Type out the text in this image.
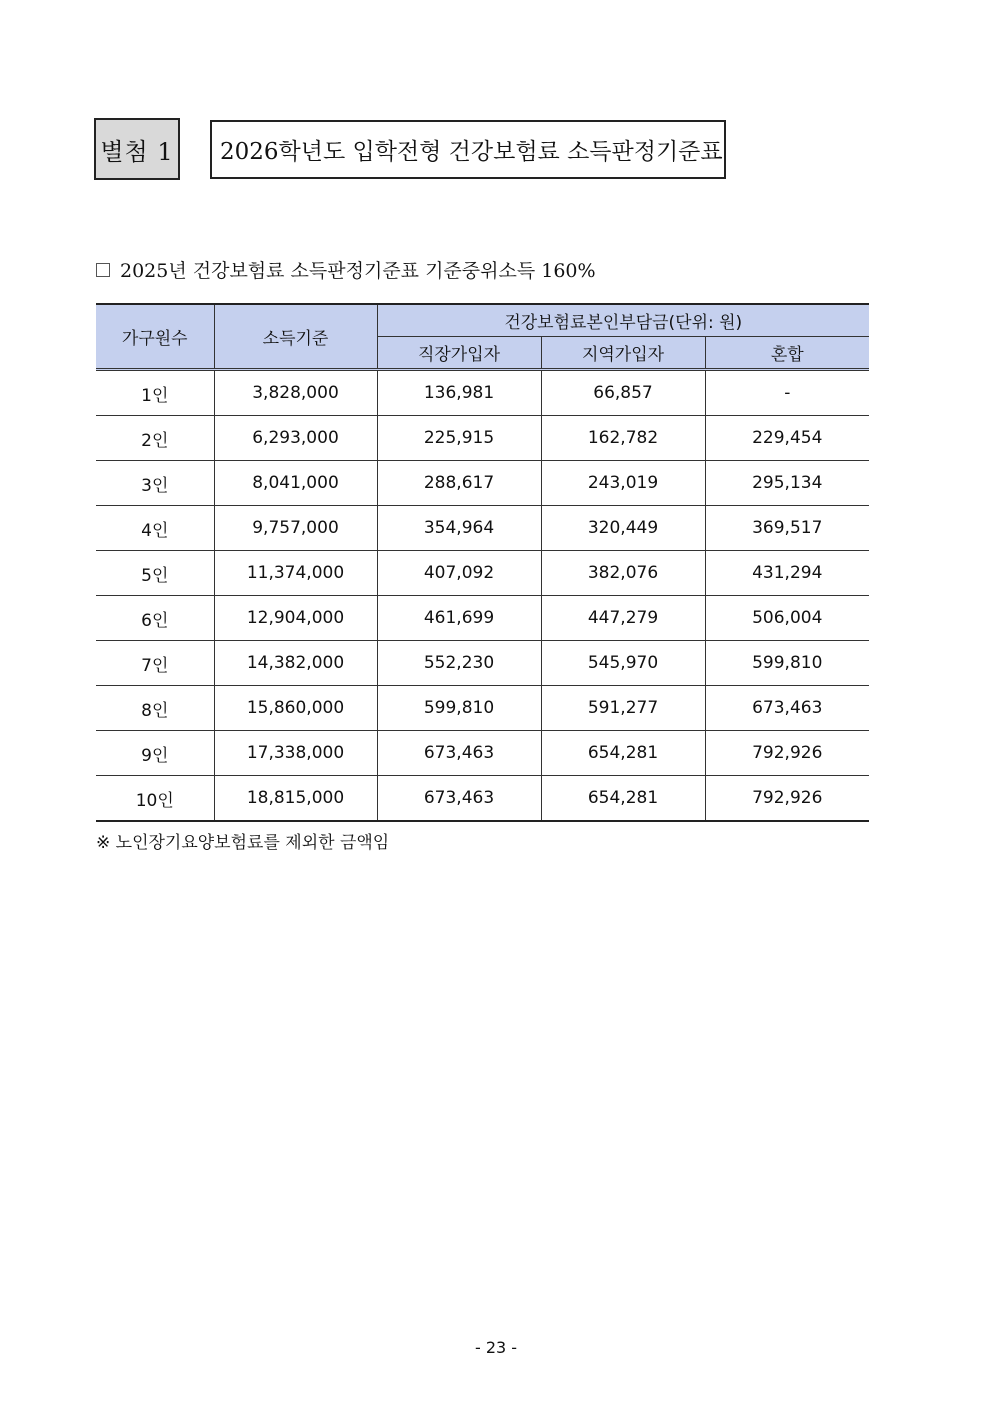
별첨 1	2026학년도 입학전형 건강보험료 소득판정기준표
2025년 건강보험료 소득판정기준표 기준중위소득 160%
가구원수	소득기준	건강보험료본인부담금(단위: 원)		
		직장가입자	지역가입자	혼합
1인	3,828,000	136,981	66,857	-
2인	6,293,000	225,915	162,782	229,454
3인	8,041,000	288,617	243,019	295,134
4인	9,757,000	354,964	320,449	369,517
5인	11,374,000	407,092	382,076	431,294
6인	12,904,000	461,699	447,279	506,004
7인	14,382,000	552,230	545,970	599,810
8인	15,860,000	599,810	591,277	673,463
9인	17,338,000	673,463	654,281	792,926
10인	18,815,000	673,463	654,281	792,926
※ 노인장기요양보험료를 제외한 금액임
- 23 -
